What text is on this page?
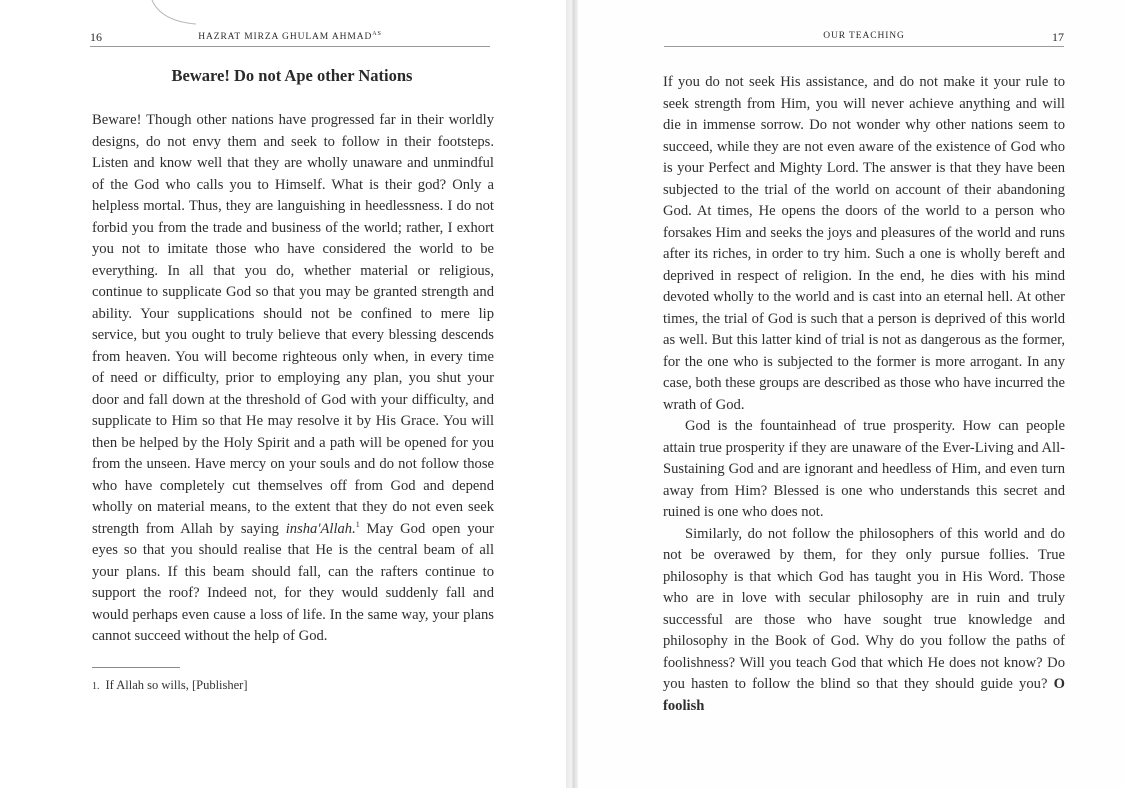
16	HAZRAT MIRZA GHULAM $AHMAD^{AS}$
Beware! Do not Ape other Nations

Beware! Though other nations have progressed far in their worldly designs, do not envy them and seek to follow in their footsteps. Listen and know well that they are wholly unaware and unmindful of the God who calls you to Himself. What is their god? Only a helpless mortal. Thus, they are languishing in heedlessness. I do not forbid you from the trade and business of the world; rather, I exhort you not to imitate those who have considered the world to be everything. In all that you do, whether material or religious, continue to supplicate God so that you may be granted strength and ability. Your supplications should not be confined to mere lip service, but you ought to truly believe that every blessing descends from heaven. You will become righteous only when, in every time of need or difficulty, prior to employing any plan, you shut your door and fall down at the threshold of God with your difficulty, and supplicate to Him so that He may resolve it by His Grace. You will then be helped by the Holy Spirit and a path will be opened for you from the unseen. Have mercy on your souls and do not follow those who have completely cut themselves off from God and depend wholly on material means, to the extent that they do not even seek strength from Allah by saying insha'Allah.$^1$ May God open your eyes so that you should realise that He is the central beam of all your plans. If this beam should fall, can the rafters continue to support the roof? Indeed not, for they would suddenly fall and would perhaps even cause a loss of life. In the same way, your plans cannot succeed without the help of God.

1. If Allah so wills, [Publisher]
OUR TEACHING	17

If you do not seek His assistance, and do not make it your rule to seek strength from Him, you will never achieve anything and will die in immense sorrow. Do not wonder why other nations seem to succeed, while they are not even aware of the existence of God who is your Perfect and Mighty Lord. The answer is that they have been subjected to the trial of the world on account of their abandoning God. At times, He opens the doors of the world to a person who forsakes Him and seeks the joys and pleasures of the world and runs after its riches, in order to try him. Such a one is wholly bereft and deprived in respect of religion. In the end, he dies with his mind devoted wholly to the world and is cast into an eternal hell. At other times, the trial of God is such that a person is deprived of this world as well. But this latter kind of trial is not as dangerous as the former, for the one who is subjected to the former is more arrogant. In any case, both these groups are described as those who have incurred the wrath of God.

God is the fountainhead of true prosperity. How can people attain true prosperity if they are unaware of the Ever-Living and All-Sustaining God and are ignorant and heedless of Him, and even turn away from Him? Blessed is one who understands this secret and ruined is one who does not.

Similarly, do not follow the philosophers of this world and do not be overawed by them, for they only pursue follies. True philosophy is that which God has taught you in His Word. Those who are in love with secular philosophy are in ruin and truly successful are those who have sought true knowledge and philosophy in the Book of God. Why do you follow the paths of foolishness? Will you teach God that which He does not know? Do you hasten to follow the blind so that they should guide you? O foolish
